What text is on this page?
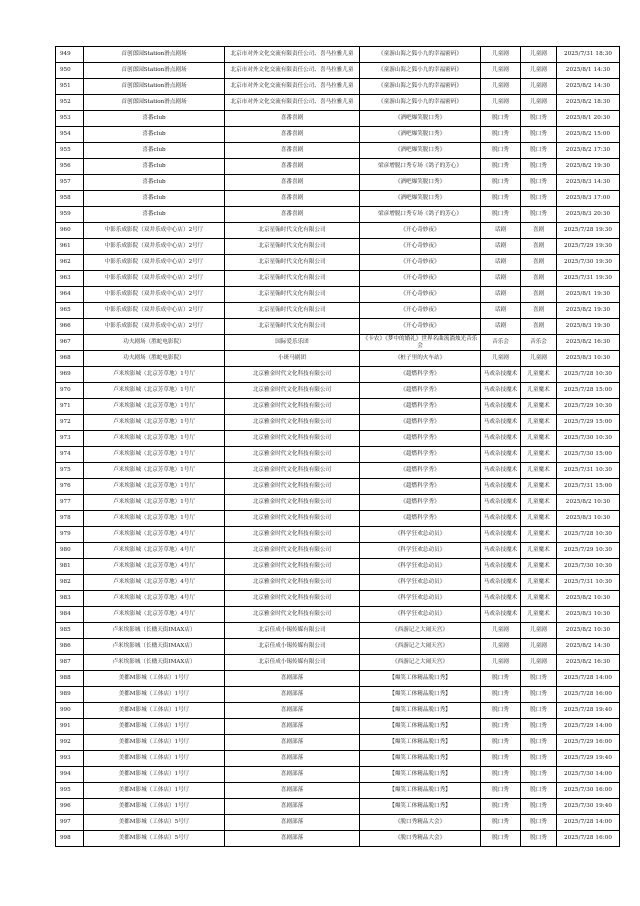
949	首创郎园Station滑点剧场	北京市对外文化交流有限责任公司、喜马拉雅儿童	《童游山海之狐小九的幸福密码》	儿童剧	儿童剧	2025/7/31 18:30
950	首创郎园Station滑点剧场	北京市对外文化交流有限责任公司、喜马拉雅儿童	《童游山海之狐小九的幸福密码》	儿童剧	儿童剧	2025/8/1 14:30
951	首创郎园Station滑点剧场	北京市对外文化交流有限责任公司、喜马拉雅儿童	《童游山海之狐小九的幸福密码》	儿童剧	儿童剧	2025/8/2 14:30
952	首创郎园Station滑点剧场	北京市对外文化交流有限责任公司、喜马拉雅儿童	《童游山海之狐小九的幸福密码》	儿童剧	儿童剧	2025/8/2 18:30
953	喜番club	喜番喜剧	《酒吧爆笑脱口秀》	脱口秀	脱口秀	2025/8/1 20:30
954	喜番club	喜番喜剧	《酒吧爆笑脱口秀》	脱口秀	脱口秀	2025/8/2 15:00
955	喜番club	喜番喜剧	《酒吧爆笑脱口秀》	脱口秀	脱口秀	2025/8/2 17:30
956	喜番club	喜番喜剧	梁彦增脱口秀专场《鸽子的芳心》	脱口秀	脱口秀	2025/8/2 19:30
957	喜番club	喜番喜剧	《酒吧爆笑脱口秀》	脱口秀	脱口秀	2025/8/3 14:30
958	喜番club	喜番喜剧	《酒吧爆笑脱口秀》	脱口秀	脱口秀	2025/8/3 17:00
959	喜番club	喜番喜剧	梁彦增脱口秀专场《鸽子的芳心》	脱口秀	脱口秀	2025/8/3 20:30
960	中影乐成影院（双井乐成中心店）2号厅	北京星翰时代文化有限公司	《开心奇妙夜》	话剧	喜剧	2025/7/28 19:30
961	中影乐成影院（双井乐成中心店）2号厅	北京星翰时代文化有限公司	《开心奇妙夜》	话剧	喜剧	2025/7/29 19:30
962	中影乐成影院（双井乐成中心店）2号厅	北京星翰时代文化有限公司	《开心奇妙夜》	话剧	喜剧	2025/7/30 19:30
963	中影乐成影院（双井乐成中心店）2号厅	北京星翰时代文化有限公司	《开心奇妙夜》	话剧	喜剧	2025/7/31 19:30
964	中影乐成影院（双井乐成中心店）2号厅	北京星翰时代文化有限公司	《开心奇妙夜》	话剧	喜剧	2025/8/1 19:30
965	中影乐成影院（双井乐成中心店）2号厅	北京星翰时代文化有限公司	《开心奇妙夜》	话剧	喜剧	2025/8/2 19:30
966	中影乐成影院（双井乐成中心店）2号厅	北京星翰时代文化有限公司	《开心奇妙夜》	话剧	喜剧	2025/8/3 19:30
967	功夫剧场（胜蛇电影院）	国际爱乐乐团	《卡农》《梦中的婚礼》世界名曲流淌烛光音乐会	音乐会	音乐会	2025/8/2 16:30
968	功夫剧场（胜蛇电影院）	小斑马剧团	《桩子里的火车站》	儿童剧	儿童剧	2025/8/3 10:30
969	卢米埃影城（北京芳草地）1号厅	北京雅金时代文化科技有限公司	《超燃科学秀》	马戏杂技魔术	儿童魔术	2025/7/28 10:30
970	卢米埃影城（北京芳草地）1号厅	北京雅金时代文化科技有限公司	《超燃科学秀》	马戏杂技魔术	儿童魔术	2025/7/28 15:00
971	卢米埃影城（北京芳草地）1号厅	北京雅金时代文化科技有限公司	《超燃科学秀》	马戏杂技魔术	儿童魔术	2025/7/29 10:30
972	卢米埃影城（北京芳草地）1号厅	北京雅金时代文化科技有限公司	《超燃科学秀》	马戏杂技魔术	儿童魔术	2025/7/29 15:00
973	卢米埃影城（北京芳草地）1号厅	北京雅金时代文化科技有限公司	《超燃科学秀》	马戏杂技魔术	儿童魔术	2025/7/30 10:30
974	卢米埃影城（北京芳草地）1号厅	北京雅金时代文化科技有限公司	《超燃科学秀》	马戏杂技魔术	儿童魔术	2025/7/30 15:00
975	卢米埃影城（北京芳草地）1号厅	北京雅金时代文化科技有限公司	《超燃科学秀》	马戏杂技魔术	儿童魔术	2025/7/31 10:30
976	卢米埃影城（北京芳草地）1号厅	北京雅金时代文化科技有限公司	《超燃科学秀》	马戏杂技魔术	儿童魔术	2025/7/31 15:00
977	卢米埃影城（北京芳草地）1号厅	北京雅金时代文化科技有限公司	《超燃科学秀》	马戏杂技魔术	儿童魔术	2025/8/2 10:30
978	卢米埃影城（北京芳草地）1号厅	北京雅金时代文化科技有限公司	《超燃科学秀》	马戏杂技魔术	儿童魔术	2025/8/3 10:30
979	卢米埃影城（北京芳草地）4号厅	北京雅金时代文化科技有限公司	《科学狂欢总动员》	马戏杂技魔术	儿童魔术	2025/7/28 10:30
980	卢米埃影城（北京芳草地）4号厅	北京雅金时代文化科技有限公司	《科学狂欢总动员》	马戏杂技魔术	儿童魔术	2025/7/29 10:30
981	卢米埃影城（北京芳草地）4号厅	北京雅金时代文化科技有限公司	《科学狂欢总动员》	马戏杂技魔术	儿童魔术	2025/7/30 10:30
982	卢米埃影城（北京芳草地）4号厅	北京雅金时代文化科技有限公司	《科学狂欢总动员》	马戏杂技魔术	儿童魔术	2025/7/31 10:30
983	卢米埃影城（北京芳草地）4号厅	北京雅金时代文化科技有限公司	《科学狂欢总动员》	马戏杂技魔术	儿童魔术	2025/8/2 10:30
984	卢米埃影城（北京芳草地）4号厅	北京雅金时代文化科技有限公司	《科学狂欢总动员》	马戏杂技魔术	儿童魔术	2025/8/3 10:30
985	卢米埃影城（长楹天街IMAX店）	北京佳成小锡传媒有限公司	《西游记之大闹天宫》	儿童剧	儿童剧	2025/8/2 10:30
986	卢米埃影城（长楹天街IMAX店）	北京佳成小锡传媒有限公司	《西游记之大闹天宫》	儿童剧	儿童剧	2025/8/2 14:30
987	卢米埃影城（长楹天街IMAX店）	北京佳成小锡传媒有限公司	《西游记之大闹天宫》	儿童剧	儿童剧	2025/8/2 16:30
988	美都M影城（工体店）1号厅	喜剧部落	【爆笑工体精品脱口秀】	脱口秀	脱口秀	2025/7/28 14:00
989	美都M影城（工体店）1号厅	喜剧部落	【爆笑工体精品脱口秀】	脱口秀	脱口秀	2025/7/28 16:00
990	美都M影城（工体店）1号厅	喜剧部落	【爆笑工体精品脱口秀】	脱口秀	脱口秀	2025/7/28 19:40
991	美都M影城（工体店）1号厅	喜剧部落	【爆笑工体精品脱口秀】	脱口秀	脱口秀	2025/7/29 14:00
992	美都M影城（工体店）1号厅	喜剧部落	【爆笑工体精品脱口秀】	脱口秀	脱口秀	2025/7/29 16:00
993	美都M影城（工体店）1号厅	喜剧部落	【爆笑工体精品脱口秀】	脱口秀	脱口秀	2025/7/29 19:40
994	美都M影城（工体店）1号厅	喜剧部落	【爆笑工体精品脱口秀】	脱口秀	脱口秀	2025/7/30 14:00
995	美都M影城（工体店）1号厅	喜剧部落	【爆笑工体精品脱口秀】	脱口秀	脱口秀	2025/7/30 16:00
996	美都M影城（工体店）1号厅	喜剧部落	【爆笑工体精品脱口秀】	脱口秀	脱口秀	2025/7/30 19:40
997	美都M影城（工体店）5号厅	喜剧部落	《脱口秀精品大会》	脱口秀	脱口秀	2025/7/28 14:00
998	美都M影城（工体店）5号厅	喜剧部落	《脱口秀精品大会》	脱口秀	脱口秀	2025/7/28 16:00
